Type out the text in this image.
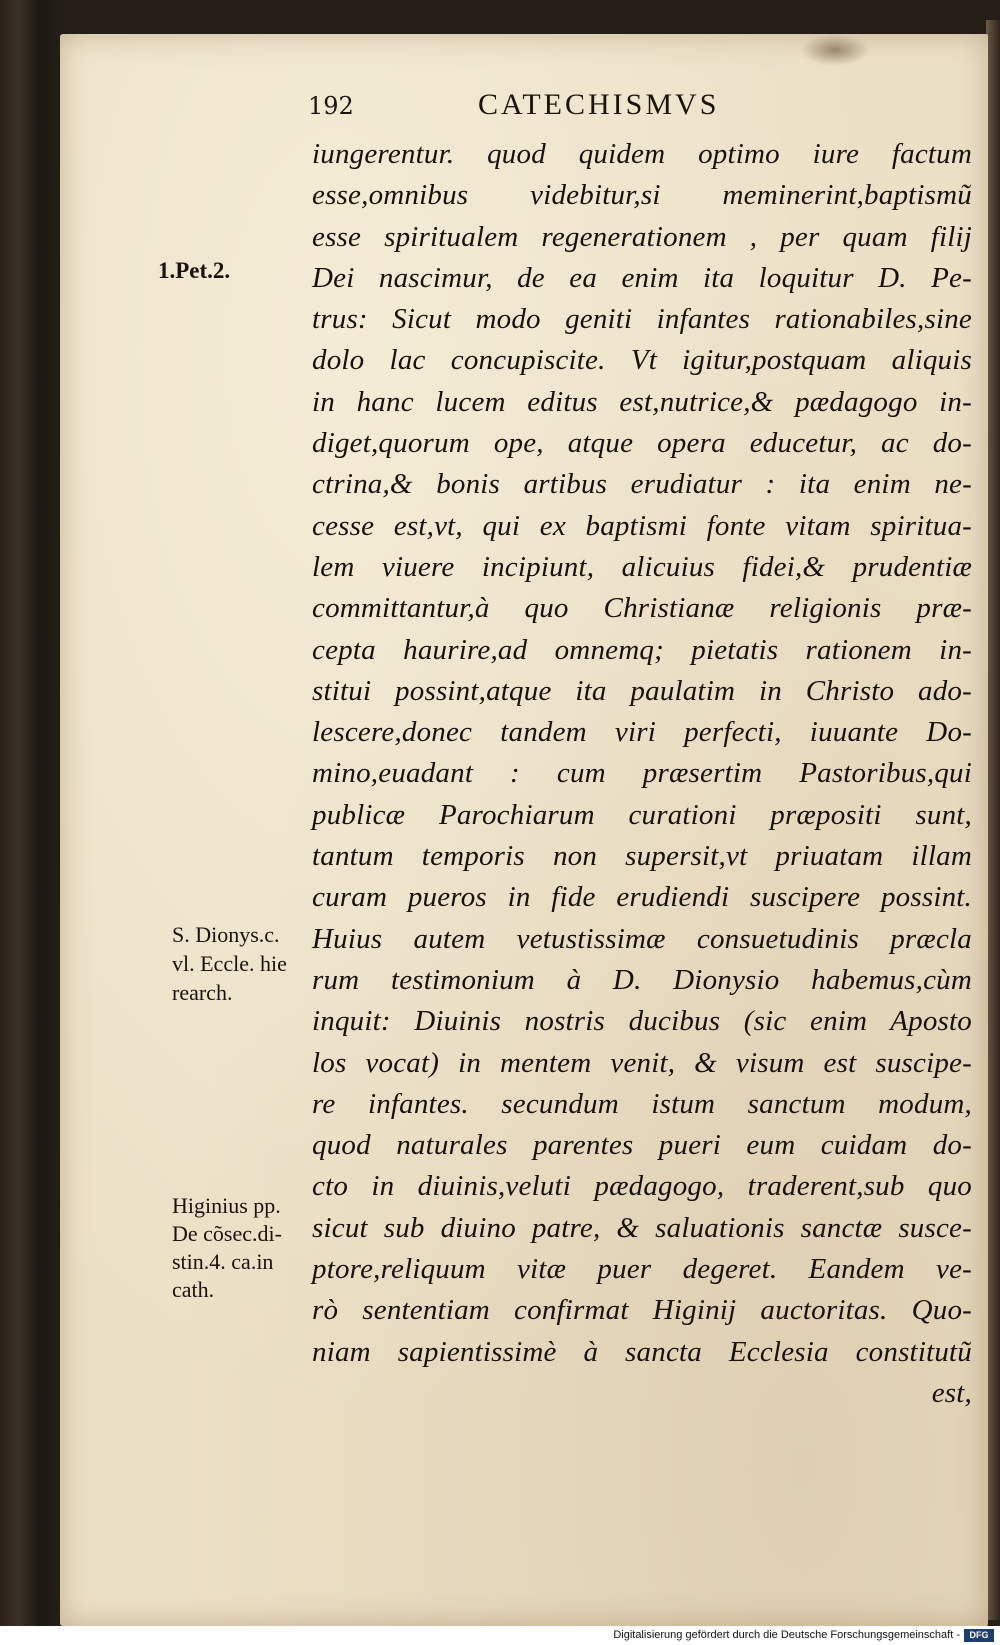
192	CATECHISMVS
iungerentur. quod quidem optimo iure factum
esse,omnibus videbitur,si meminerint,baptismũ
esse spiritualem regenerationem , per quam filij
Dei nascimur, de ea enim ita loquitur D. Pe-
trus: Sicut modo geniti infantes rationabiles,sine
dolo lac concupiscite. Vt igitur,postquam aliquis
in hanc lucem editus est,nutrice,& pædagogo in-
diget,quorum ope, atque opera educetur, ac do-
ctrina,& bonis artibus erudiatur : ita enim ne-
cesse est,vt, qui ex baptismi fonte vitam spiritua-
lem viuere incipiunt, alicuius fidei,& prudentiæ
committantur,à quo Christianæ religionis præ-
cepta haurire,ad omnemq; pietatis rationem in-
stitui possint,atque ita paulatim in Christo ado-
lescere,donec tandem viri perfecti, iuuante Do-
mino,euadant : cum præsertim Pastoribus,qui
publicæ Parochiarum curationi præpositi sunt,
tantum temporis non supersit,vt priuatam illam
curam pueros in fide erudiendi suscipere possint.
Huius autem vetustissimæ consuetudinis præcla
rum testimonium à D. Dionysio habemus,cùm
inquit: Diuinis nostris ducibus (sic enim Aposto
los vocat) in mentem venit, & visum est suscipe-
re infantes. secundum istum sanctum modum,
quod naturales parentes pueri eum cuidam do-
cto in diuinis,veluti pædagogo, traderent,sub quo
sicut sub diuino patre, & saluationis sanctæ susce-
ptore,reliquum vitæ puer degeret. Eandem ve-
rò sententiam confirmat Higinij auctoritas. Quo-
niam sapientissimè à sancta Ecclesia constitutũ
est,
1.Pet.2.
S. Dionys.c.
vl. Eccle. hie
rearch.
Higinius pp.
De cõsec.di-
stin.4. ca.in
cath.
Digitalisierung gefördert durch die Deutsche Forschungsgemeinschaft -	DFG
